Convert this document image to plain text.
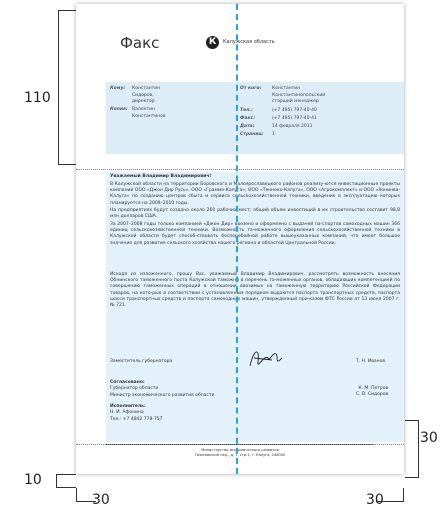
110
10
30
30	30
Факс	К	Калужская область
Кому: Константин
Сидоров,
директор
Копия: Валентин
Константинов
От кого: Константин
Константинопольский
старший менеджер
Тел.:	(+7 495) 797-40-40
Факс:	(+7 495) 797-40-41
Дата:	14 февраля 2011
Страниц: 1
Уважаемый Владимир Владимирович!
В Калужской области на территории Боровского и Малоярославецкого районов реализу-ются инвестиционные проекты компаний ООО «Джон Дир Русь», ООО «Граммe-Калуга», ООО «Теннеко-Калуга», ООО «Агрокомплект» и ООО «Хонинва-Калуга» по созданию центров сбыта и сервиса сельскохозяйственной техники, введение в эксплуатацию которых планируется на 2009–2010 годы.
На предприятиях будут создано около 260 рабочих мест; общий объем инвестиций в их строительство составит 98,8 млн долларов США.
За 2007–2008 годы только компанией «Джон Дир» ввезено и оформлено с выдачей па-спортов самоходных машин 366 единиц сельскохозяйственной техники. Возможность та-моженного оформления сельскохозяйственной техники в Калужской области будет способ-ствовать бесперебойной работе вышеуказанных компаний, что имеет большое значение для развития сельского хозяйства нашего региона и областей Центральной России.
Исходя из изложенного, прошу Вас, уважаемый Владимир Владимирович, рассмотреть возможность внесения Обнинского таможенного поста Калужской таможни в перечень та-моженных органов, обладающих компетенцией по совершению таможенных операций в отношении ввозимых на таможенную территорию Российской Федерации товаров, на кото-рые в соответствии с установленным порядком выдаются паспорта транспортных средств, паспорта шасси транспортных средств и паспорта самоходных машин, утвержденный при-казом ФТС России от 13 июня 2007 г. № 721.
Заместитель губернатора	Т. Н. Иванов
Согласовано:
Губернатор области
Министр экономического развития области
К. М. Петров
С. В. Сидоров
Исполнитель:
Н. И. Афонина
Тел.: +7 4842 778-757
Министерство экономического развития
Тихоновский пер., д. 1, стр.1, г. Калуга, 248000
